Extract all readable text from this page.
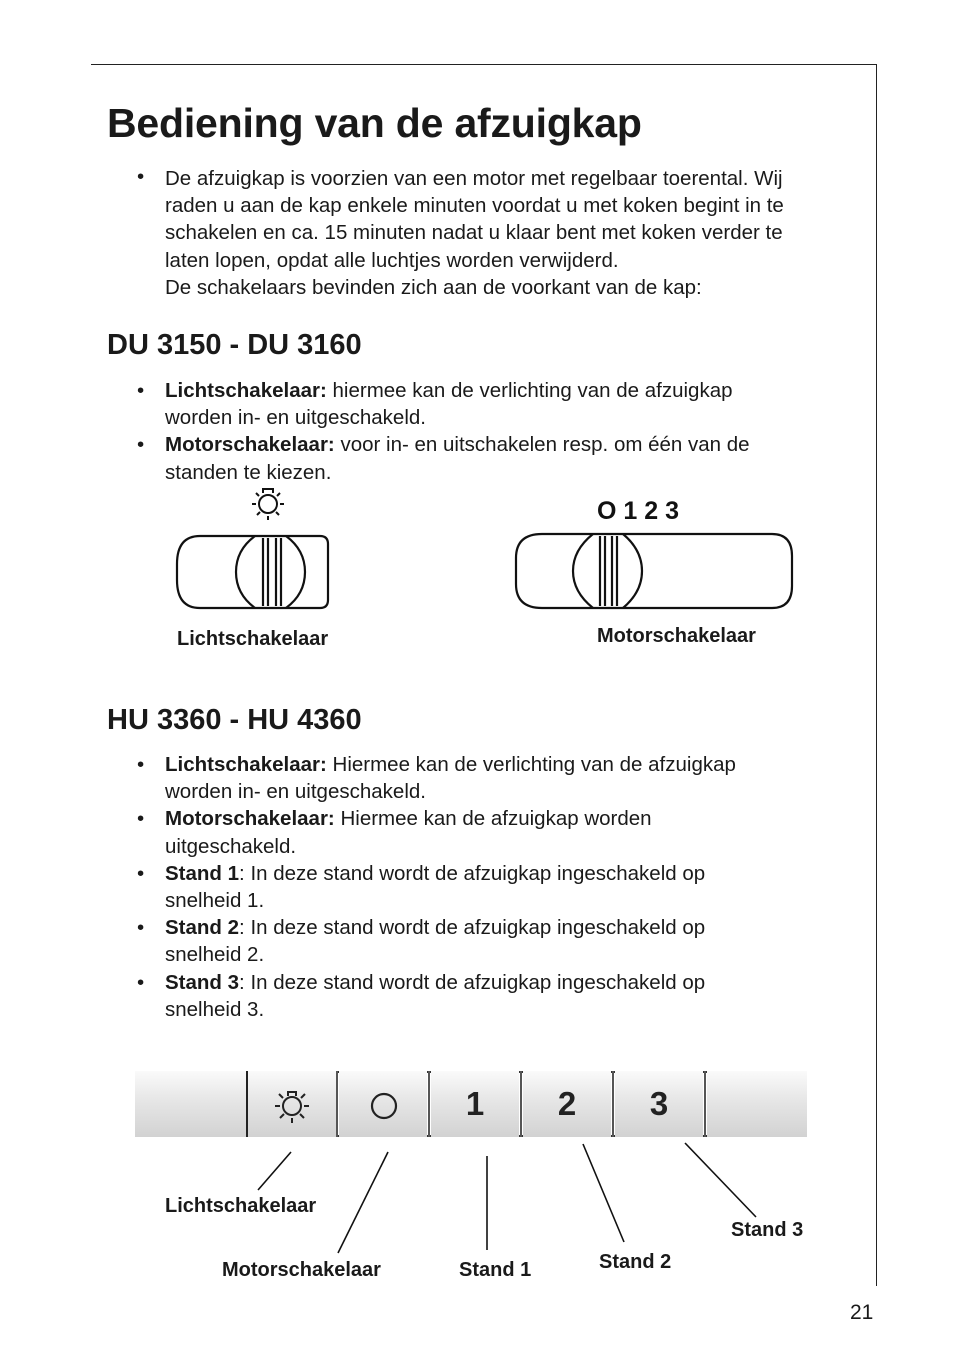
Bediening van de afzuigkap
• De afzuigkap is voorzien van een motor met regelbaar toerental. Wij
raden u aan de kap enkele minuten voordat u met koken begint in te
schakelen en ca. 15 minuten nadat u klaar bent met koken verder te
laten lopen, opdat alle luchtjes worden verwijderd.
De schakelaars bevinden zich aan de voorkant van de kap:
DU 3150 - DU 3160
• Lichtschakelaar: hiermee kan de verlichting van de afzuigkap
worden in- en uitgeschakeld.
• Motorschakelaar: voor in- en uitschakelen resp. om één van de
standen te kiezen.
O 1 2 3
Lichtschakelaar	Motorschakelaar
HU 3360 - HU 4360
• Lichtschakelaar: Hiermee kan de verlichting van de afzuigkap
worden in- en uitgeschakeld.
• Motorschakelaar: Hiermee kan de afzuigkap worden
uitgeschakeld.
• Stand 1: In deze stand wordt de afzuigkap ingeschakeld op
snelheid 1.
• Stand 2: In deze stand wordt de afzuigkap ingeschakeld op
snelheid 2.
• Stand 3: In deze stand wordt de afzuigkap ingeschakeld op
snelheid 3.
1	2	3
Lichtschakelaar
Motorschakelaar	Stand 1	Stand 2
Stand 3
21
